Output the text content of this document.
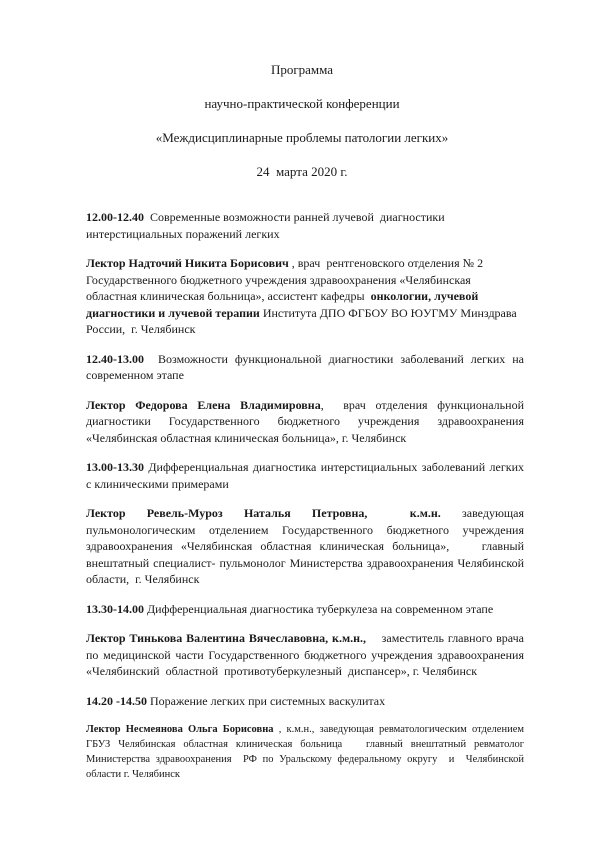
Программа
научно-практической конференции
«Междисциплинарные проблемы патологии легких»
24  марта 2020 г.

12.00-12.40  Современные возможности ранней лучевой  диагностики интерстициальных поражений легких

Лектор Надточий Никита Борисович , врач  рентгеновского отделения № 2 Государственного бюджетного учреждения здравоохранения «Челябинская областная клиническая больница», ассистент кафедры  онкологии, лучевой диагностики и лучевой терапии Института ДПО ФГБОУ ВО ЮУГМУ Минздрава России,  г. Челябинск

12.40-13.00  Возможности функциональной диагностики заболеваний легких на современном этапе

Лектор Федорова Елена Владимировна,  врач отделения функциональной диагностики Государственного бюджетного учреждения здравоохранения «Челябинская областная клиническая больница», г. Челябинск

13.00-13.30 Дифференциальная диагностика интерстициальных заболеваний легких  с клиническими примерами

Лектор Ревель-Муроз Наталья Петровна,  к.м.н. заведующая  пульмонологическим отделением Государственного бюджетного учреждения здравоохранения «Челябинская областная клиническая больница»,    главный внештатный специалист- пульмонолог Министерства здравоохранения Челябинской области,  г. Челябинск

13.30-14.00 Дифференциальная диагностика туберкулеза на современном этапе

Лектор Тинькова Валентина Вячеславовна, к.м.н.,    заместитель главного врача по медицинской части Государственного бюджетного учреждения здравоохранения «Челябинский  областной  противотуберкулезный  диспансер», г. Челябинск

14.20 -14.50 Поражение легких при системных васкулитах

Лектор Несмеянова Ольга Борисовна , к.м.н., заведующая ревматологическим отделением ГБУЗ Челябинская областная клиническая больница   главный внештатный ревматолог Министерства здравоохранения  РФ по Уральскому федеральному округу  и  Челябинской области г. Челябинск
